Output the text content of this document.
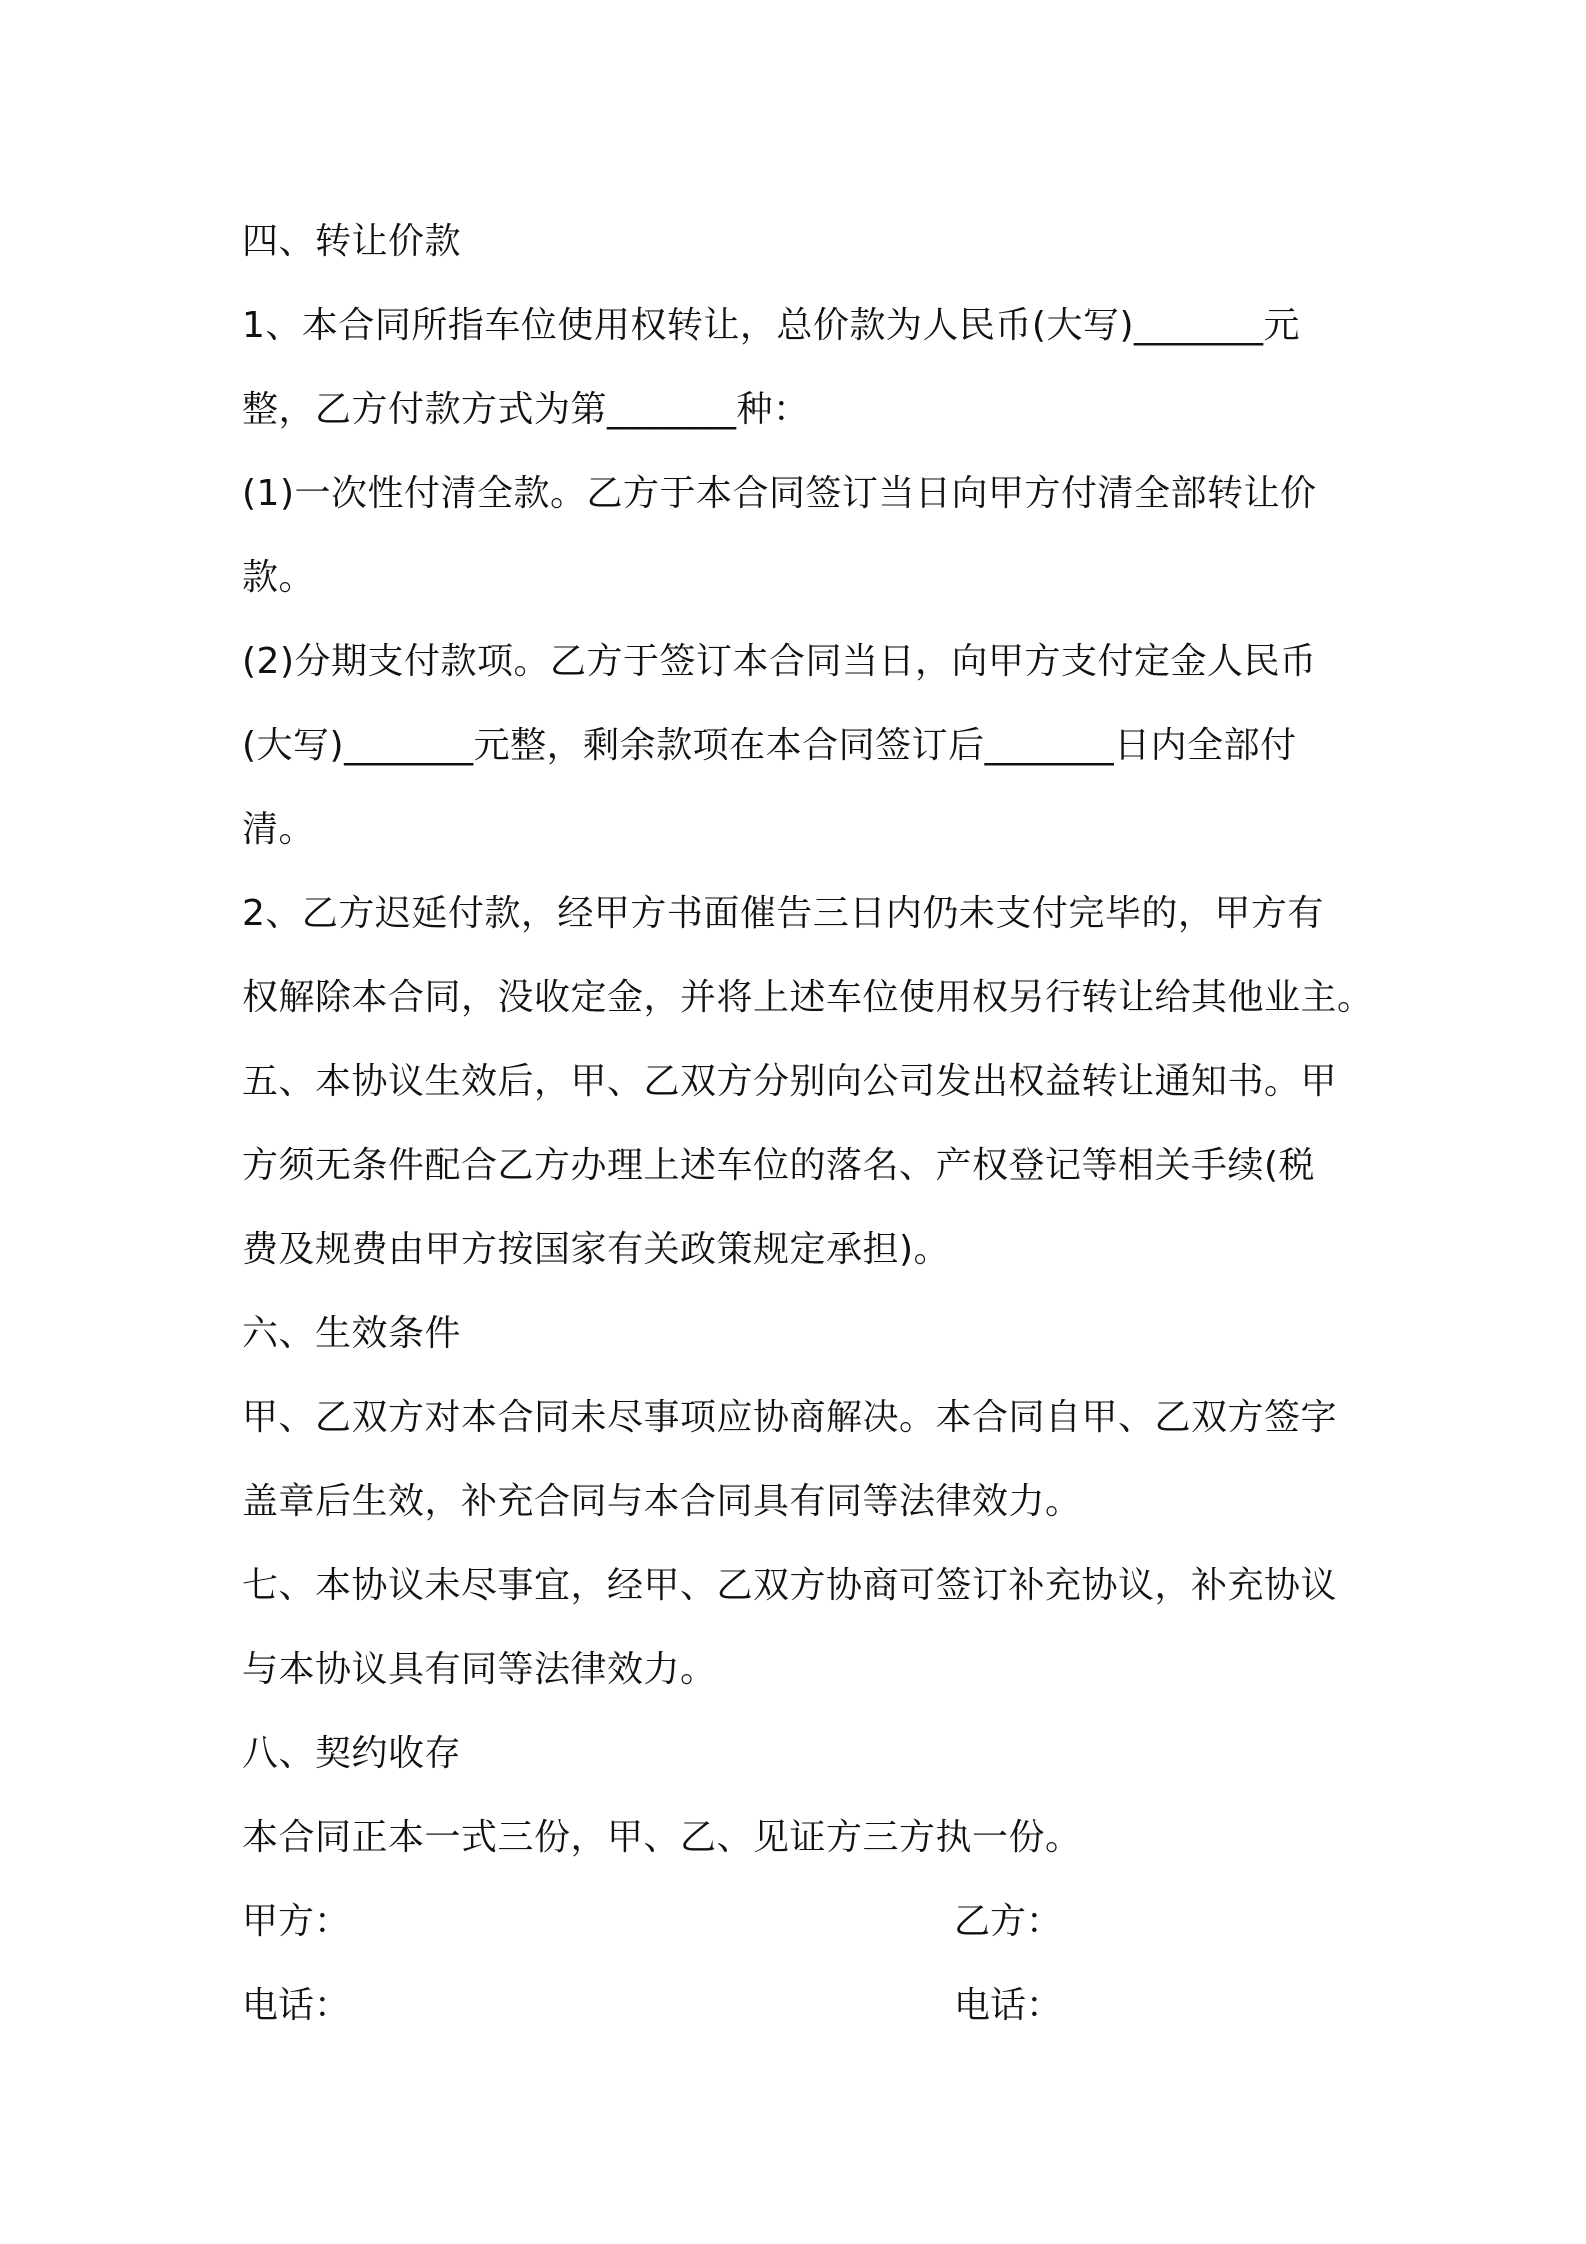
四、转让价款
1、本合同所指车位使用权转让，总价款为人民币(大写)_______元
整，乙方付款方式为第_______种：
(1)一次性付清全款。乙方于本合同签订当日向甲方付清全部转让价
款。
(2)分期支付款项。乙方于签订本合同当日，向甲方支付定金人民币
(大写)_______元整，剩余款项在本合同签订后_______日内全部付
清。
2、乙方迟延付款，经甲方书面催告三日内仍未支付完毕的，甲方有
权解除本合同，没收定金，并将上述车位使用权另行转让给其他业主。
五、本协议生效后，甲、乙双方分别向公司发出权益转让通知书。甲
方须无条件配合乙方办理上述车位的落名、产权登记等相关手续(税
费及规费由甲方按国家有关政策规定承担)。
六、生效条件
甲、乙双方对本合同未尽事项应协商解决。本合同自甲、乙双方签字
盖章后生效，补充合同与本合同具有同等法律效力。
七、本协议未尽事宜，经甲、乙双方协商可签订补充协议，补充协议
与本协议具有同等法律效力。
八、契约收存
本合同正本一式三份，甲、乙、见证方三方执一份。
甲方：	乙方：
电话：	电话：
